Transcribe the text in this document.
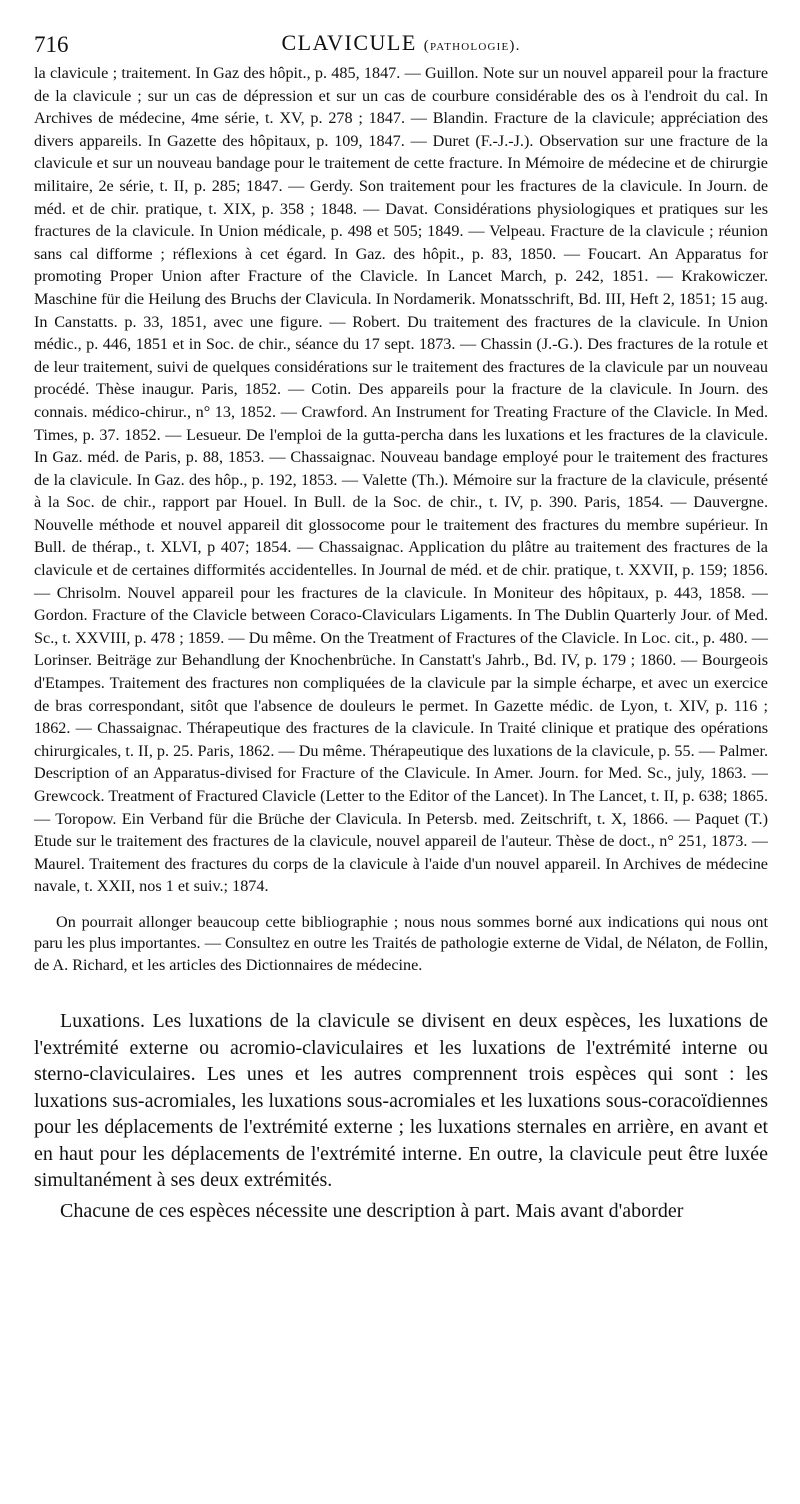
716	CLAVICULE (pathologie).

la clavicule ; traitement. In Gaz des hôpit., p. 485, 1847. — Guillon. Note sur un nouvel appareil pour la fracture de la clavicule ; sur un cas de dépression et sur un cas de courbure considérable des os à l'endroit du cal. In Archives de médecine, 4me série, t. XV, p. 278 ; 1847. — Blandin. Fracture de la clavicule; appréciation des divers appareils. In Gazette des hôpitaux, p. 109, 1847. — Duret (F.-J.-J.). Observation sur une fracture de la clavicule et sur un nouveau bandage pour le traitement de cette fracture. In Mémoire de médecine et de chirurgie militaire, 2e série, t. II, p. 285; 1847. — Gerdy. Son traitement pour les fractures de la clavicule. In Journ. de méd. et de chir. pratique, t. XIX, p. 358 ; 1848. — Davat. Considérations physiologiques et pratiques sur les fractures de la clavicule. In Union médicale, p. 498 et 505; 1849. — Velpeau. Fracture de la clavicule ; réunion sans cal difforme ; réflexions à cet égard. In Gaz. des hôpit., p. 83, 1850. — Foucart. An Apparatus for promoting Proper Union after Fracture of the Clavicle. In Lancet March, p. 242, 1851. — Krakowiczer. Maschine für die Heilung des Bruchs der Clavicula. In Nordamerik. Monatsschrift, Bd. III, Heft 2, 1851; 15 aug. In Canstatts. p. 33, 1851, avec une figure. — Robert. Du traitement des fractures de la clavicule. In Union médic., p. 446, 1851 et in Soc. de chir., séance du 17 sept. 1873. — Chassin (J.-G.). Des fractures de la rotule et de leur traitement, suivi de quelques considérations sur le traitement des fractures de la clavicule par un nouveau procédé. Thèse inaugur. Paris, 1852. — Cotin. Des appareils pour la fracture de la clavicule. In Journ. des connais. médico-chirur., n° 13, 1852. — Crawford. An Instrument for Treating Fracture of the Clavicle. In Med. Times, p. 37. 1852. — Lesueur. De l'emploi de la gutta-percha dans les luxations et les fractures de la clavicule. In Gaz. méd. de Paris, p. 88, 1853. — Chassaignac. Nouveau bandage employé pour le traitement des fractures de la clavicule. In Gaz. des hôp., p. 192, 1853. — Valette (Th.). Mémoire sur la fracture de la clavicule, présenté à la Soc. de chir., rapport par Houel. In Bull. de la Soc. de chir., t. IV, p. 390. Paris, 1854. — Dauvergne. Nouvelle méthode et nouvel appareil dit glossocome pour le traitement des fractures du membre supérieur. In Bull. de thérap., t. XLVI, p 407; 1854. — Chassaignac. Application du plâtre au traitement des fractures de la clavicule et de certaines difformités accidentelles. In Journal de méd. et de chir. pratique, t. XXVII, p. 159; 1856. — Chrisolm. Nouvel appareil pour les fractures de la clavicule. In Moniteur des hôpitaux, p. 443, 1858. — Gordon. Fracture of the Clavicle between Coraco-Claviculars Ligaments. In The Dublin Quarterly Jour. of Med. Sc., t. XXVIII, p. 478 ; 1859. — Du même. On the Treatment of Fractures of the Clavicle. In Loc. cit., p. 480. — Lorinser. Beiträge zur Behandlung der Knochenbrüche. In Canstatt's Jahrb., Bd. IV, p. 179 ; 1860. — Bourgeois d'Etampes. Traitement des fractures non compliquées de la clavicule par la simple écharpe, et avec un exercice de bras correspondant, sitôt que l'absence de douleurs le permet. In Gazette médic. de Lyon, t. XIV, p. 116 ; 1862. — Chassaignac. Thérapeutique des fractures de la clavicule. In Traité clinique et pratique des opérations chirurgicales, t. II, p. 25. Paris, 1862. — Du même. Thérapeutique des luxations de la clavicule, p. 55. — Palmer. Description of an Apparatus-divised for Fracture of the Clavicule. In Amer. Journ. for Med. Sc., july, 1863. — Grewcock. Treatment of Fractured Clavicle (Letter to the Editor of the Lancet). In The Lancet, t. II, p. 638; 1865. — Toropow. Ein Verband für die Brüche der Clavicula. In Petersb. med. Zeitschrift, t. X, 1866. — Paquet (T.) Etude sur le traitement des fractures de la clavicule, nouvel appareil de l'auteur. Thèse de doct., n° 251, 1873. — Maurel. Traitement des fractures du corps de la clavicule à l'aide d'un nouvel appareil. In Archives de médecine navale, t. XXII, nos 1 et suiv.; 1874.

On pourrait allonger beaucoup cette bibliographie ; nous nous sommes borné aux indications qui nous ont paru les plus importantes. — Consultez en outre les Traités de pathologie externe de Vidal, de Nélaton, de Follin, de A. Richard, et les articles des Dictionnaires de médecine.

Luxations. Les luxations de la clavicule se divisent en deux espèces, les luxations de l'extrémité externe ou acromio-claviculaires et les luxations de l'extrémité interne ou sterno-claviculaires. Les unes et les autres comprennent trois espèces qui sont : les luxations sus-acromiales, les luxations sous-acromiales et les luxations sous-coracoïdiennes pour les déplacements de l'extrémité externe ; les luxations sternales en arrière, en avant et en haut pour les déplacements de l'extrémité interne. En outre, la clavicule peut être luxée simultanément à ses deux extrémités.

Chacune de ces espèces nécessite une description à part. Mais avant d'aborder
